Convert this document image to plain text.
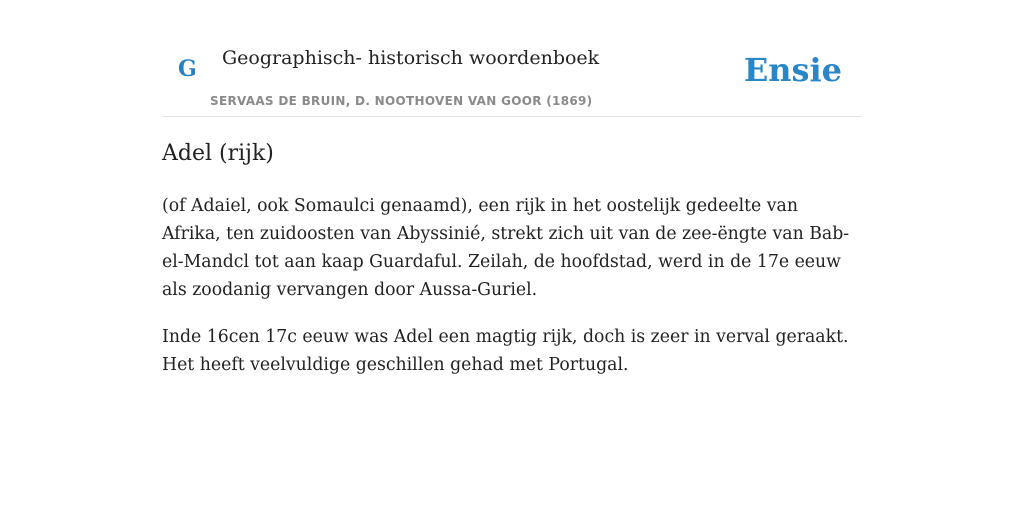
G Geographisch- historisch woordenboek
SERVAAS DE BRUIN, D. NOOTHOVEN VAN GOOR (1869)
Ensie
Adel (rijk)

(of Adaiel, ook Somaulci genaamd), een rijk in het oostelijk gedeelte van Afrika, ten zuidoosten van Abyssinié, strekt zich uit van de zee-ëngte van Bab-el-Mandcl tot aan kaap Guardaful. Zeilah, de hoofdstad, werd in de 17e eeuw als zoodanig vervangen door Aussa-Guriel.

Inde 16cen 17c eeuw was Adel een magtig rijk, doch is zeer in verval geraakt. Het heeft veelvuldige geschillen gehad met Portugal.
